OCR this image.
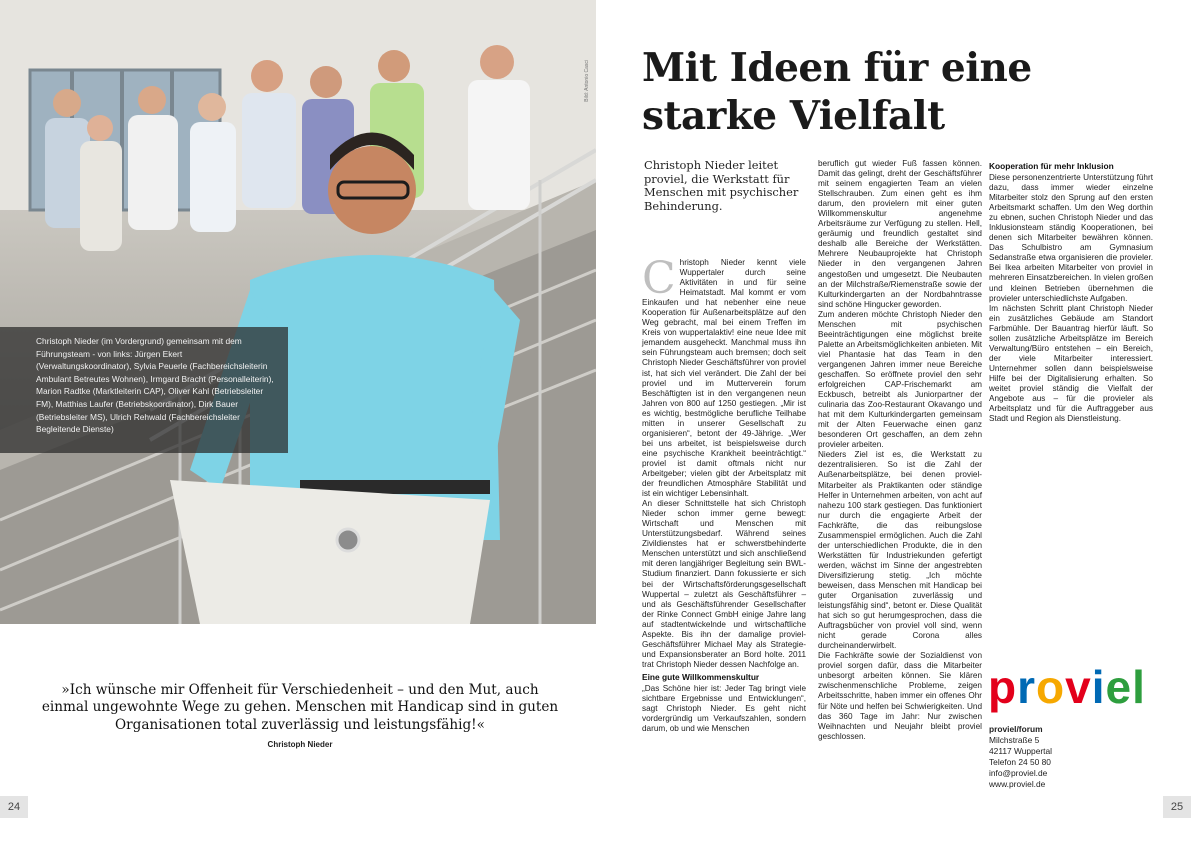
Bild: Antonio Casci

Christoph Nieder (im Vordergrund) gemeinsam mit dem Führungsteam - von links: Jürgen Ekert (Verwaltungskoordinator), Sylvia Peuerle (Fachbereichsleiterin Ambulant Betreutes Wohnen), Irmgard Bracht (Personalleiterin), Marion Radtke (Marktleiterin CAP), Oliver Kahl (Betriebsleiter FM), Matthias Laufer (Betriebskoordinator), Dirk Bauer (Betriebsleiter MS), Ulrich Rehwald (Fachbereichsleiter Begleitende Dienste)

»Ich wünsche mir Offenheit für Verschiedenheit – und den Mut, auch einmal ungewohnte Wege zu gehen. Menschen mit Handicap sind in guten Organisationen total zuverlässig und leistungsfähig!«

Christoph Nieder
24
Mit Ideen für eine starke Vielfalt

Christoph Nieder leitet proviel, die Werkstatt für Menschen mit psychischer Behinderung.

Christoph Nieder kennt viele Wuppertaler durch seine Aktivitäten in und für seine Heimatstadt. Mal kommt er vom Einkaufen und hat nebenher eine neue Kooperation für Außenarbeitsplätze auf den Weg gebracht, mal bei einem Treffen im Kreis von wuppertalaktiv! eine neue Idee mit jemandem ausgeheckt. Manchmal muss ihn sein Führungsteam auch bremsen; doch seit Christoph Nieder Geschäftsführer von proviel ist, hat sich viel verändert. Die Zahl der bei proviel und im Mutterverein forum Beschäftigten ist in den vergangenen neun Jahren von 800 auf 1250 gestiegen. „Mir ist es wichtig, bestmögliche berufliche Teilhabe mitten in unserer Gesellschaft zu organisieren“, betont der 49-Jährige. „Wer bei uns arbeitet, ist beispielsweise durch eine psychische Krankheit beeinträchtigt.“ proviel ist damit oftmals nicht nur Arbeitgeber; vielen gibt der Arbeitsplatz mit der freundlichen Atmosphäre Stabilität und ist ein wichtiger Lebensinhalt.

An dieser Schnittstelle hat sich Christoph Nieder schon immer gerne bewegt: Wirtschaft und Menschen mit Unterstützungsbedarf. Während seines Zivildienstes hat er schwerstbehinderte Menschen unterstützt und sich anschließend mit deren langjähriger Begleitung sein BWL-Studium finanziert. Dann fokussierte er sich bei der Wirtschaftsförderungsgesellschaft Wuppertal – zuletzt als Geschäftsführer – und als Geschäftsführender Gesellschafter der Rinke Connect GmbH einige Jahre lang auf stadtentwickelnde und wirtschaftliche Aspekte. Bis ihn der damalige proviel-Geschäftsführer Michael May als Strategie- und Expansionsberater an Bord holte. 2011 trat Christoph Nieder dessen Nachfolge an.

Eine gute Willkommenskultur

„Das Schöne hier ist: Jeder Tag bringt viele sichtbare Ergebnisse und Entwicklungen“, sagt Christoph Nieder. Es geht nicht vordergründig um Verkaufszahlen, sondern darum, ob und wie Menschen

beruflich gut wieder Fuß fassen können. Damit das gelingt, dreht der Geschäftsführer mit seinem engagierten Team an vielen Stellschrauben. Zum einen geht es ihm darum, den provielern mit einer guten Willkommenskultur angenehme Arbeitsräume zur Verfügung zu stellen. Hell, geräumig und freundlich gestaltet sind deshalb alle Bereiche der Werkstätten. Mehrere Neubauprojekte hat Christoph Nieder in den vergangenen Jahren angestoßen und umgesetzt. Die Neubauten an der Milchstraße/Riemenstraße sowie der Kulturkindergarten an der Nordbahntrasse sind schöne Hingucker geworden.

Zum anderen möchte Christoph Nieder den Menschen mit psychischen Beeinträchtigungen eine möglichst breite Palette an Arbeitsmöglichkeiten anbieten. Mit viel Phantasie hat das Team in den vergangenen Jahren immer neue Bereiche geschaffen. So eröffnete proviel den sehr erfolgreichen CAP-Frischemarkt am Eckbusch, betreibt als Juniorpartner der culinaria das Zoo-Restaurant Okavango und hat mit dem Kulturkindergarten gemeinsam mit der Alten Feuerwache einen ganz besonderen Ort geschaffen, an dem zehn provieler arbeiten.

Nieders Ziel ist es, die Werkstatt zu dezentralisieren. So ist die Zahl der Außenarbeitsplätze, bei denen proviel-Mitarbeiter als Praktikanten oder ständige Helfer in Unternehmen arbeiten, von acht auf nahezu 100 stark gestiegen. Das funktioniert nur durch die engagierte Arbeit der Fachkräfte, die das reibungslose Zusammenspiel ermöglichen. Auch die Zahl der unterschiedlichen Produkte, die in den Werkstätten für Industriekunden gefertigt werden, wächst im Sinne der angestrebten Diversifizierung stetig. „Ich möchte beweisen, dass Menschen mit Handicap bei guter Organisation zuverlässig und leistungsfähig sind“, betont er. Diese Qualität hat sich so gut herumgesprochen, dass die Auftragsbücher von proviel voll sind, wenn nicht gerade Corona alles durcheinanderwirbelt.

Die Fachkräfte sowie der Sozialdienst von proviel sorgen dafür, dass die Mitarbeiter unbesorgt arbeiten können. Sie klären zwischenmenschliche Probleme, zeigen Arbeitsschritte, haben immer ein offenes Ohr für Nöte und helfen bei Schwierigkeiten. Und das 360 Tage im Jahr: Nur zwischen Weihnachten und Neujahr bleibt proviel geschlossen.

Kooperation für mehr Inklusion

Diese personenzentrierte Unterstützung führt dazu, dass immer wieder einzelne Mitarbeiter stolz den Sprung auf den ersten Arbeitsmarkt schaffen. Um den Weg dorthin zu ebnen, suchen Christoph Nieder und das Inklusionsteam ständig Kooperationen, bei denen sich Mitarbeiter bewähren können. Das Schulbistro am Gymnasium Sedanstraße etwa organisieren die provieler. Bei Ikea arbeiten Mitarbeiter von proviel in mehreren Einsatzbereichen. In vielen großen und kleinen Betrieben übernehmen die provieler unterschiedlichste Aufgaben.

Im nächsten Schritt plant Christoph Nieder ein zusätzliches Gebäude am Standort Farbmühle. Der Bauantrag hierfür läuft. So sollen zusätzliche Arbeitsplätze im Bereich Verwaltung/Büro entstehen – ein Bereich, der viele Mitarbeiter interessiert. Unternehmer sollen dann beispielsweise Hilfe bei der Digitalisierung erhalten. So weitet proviel ständig die Vielfalt der Angebote aus – für die provieler als Arbeitsplatz und für die Auftraggeber aus Stadt und Region als Dienstleistung.

proviel
proviel/forum
Milchstraße 5
42117 Wuppertal
Telefon 24 50 80
info@proviel.de
www.proviel.de
25
